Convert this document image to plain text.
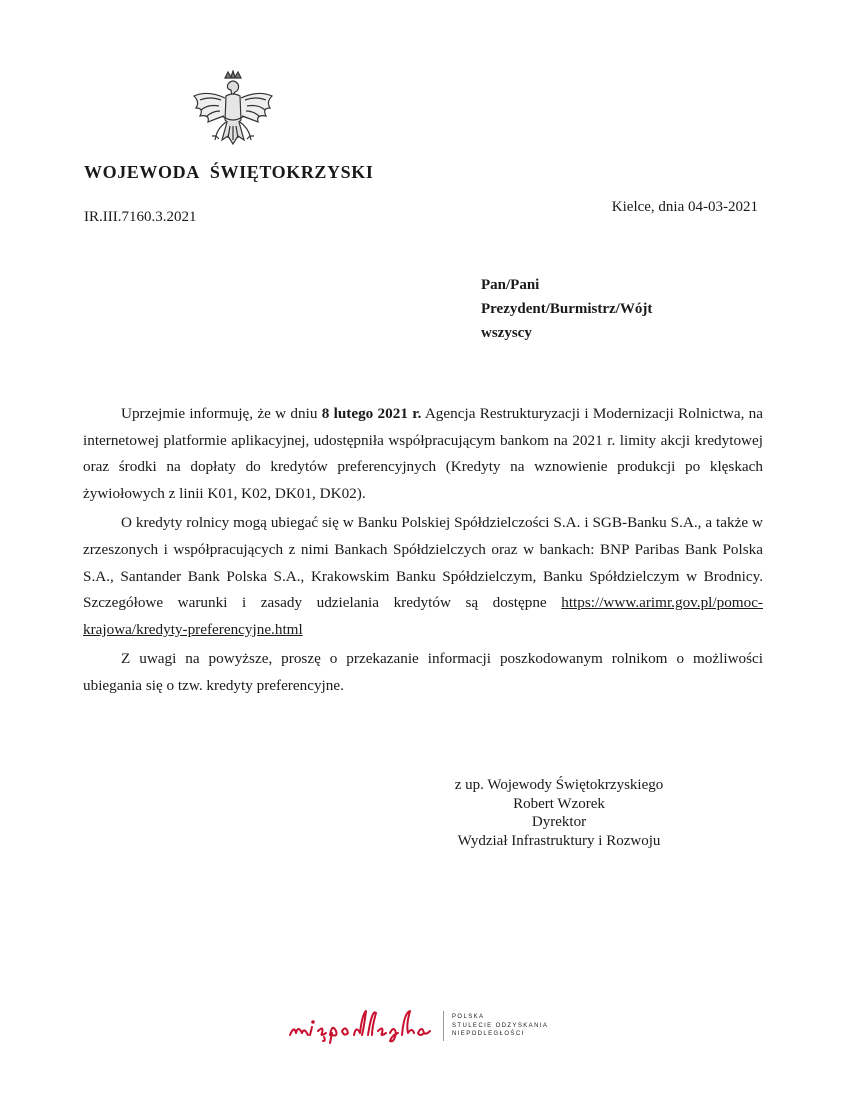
WOJEWODA ŚWIĘTOKRZYSKI
IR.III.7160.3.2021
Kielce, dnia 04-03-2021
Pan/Pani
Prezydent/Burmistrz/Wójt
wszyscy

Uprzejmie informuję, że w dniu 8 lutego 2021 r. Agencja Restrukturyzacji i Modernizacji Rolnictwa, na internetowej platformie aplikacyjnej, udostępniła współpracującym bankom na 2021 r. limity akcji kredytowej oraz środki na dopłaty do kredytów preferencyjnych (Kredyty na wznowienie produkcji po klęskach żywiołowych z linii K01, K02, DK01, DK02).

O kredyty rolnicy mogą ubiegać się w Banku Polskiej Spółdzielczości S.A. i SGB-Banku S.A., a także w zrzeszonych i współpracujących z nimi Bankach Spółdzielczych oraz w bankach: BNP Paribas Bank Polska S.A., Santander Bank Polska S.A., Krakowskim Banku Spółdzielczym, Banku Spółdzielczym w Brodnicy. Szczegółowe warunki i zasady udzielania kredytów są dostępne https://www.arimr.gov.pl/pomoc-krajowa/kredyty-preferencyjne.html

Z uwagi na powyższe, proszę o przekazanie informacji poszkodowanym rolnikom o możliwości ubiegania się o tzw. kredyty preferencyjne.

z up. Wojewody Świętokrzyskiego
Robert Wzorek
Dyrektor
Wydział Infrastruktury i Rozwoju
POLSKA
STULECIE ODZYSKANIA
NIEPODLEGŁOŚCI
